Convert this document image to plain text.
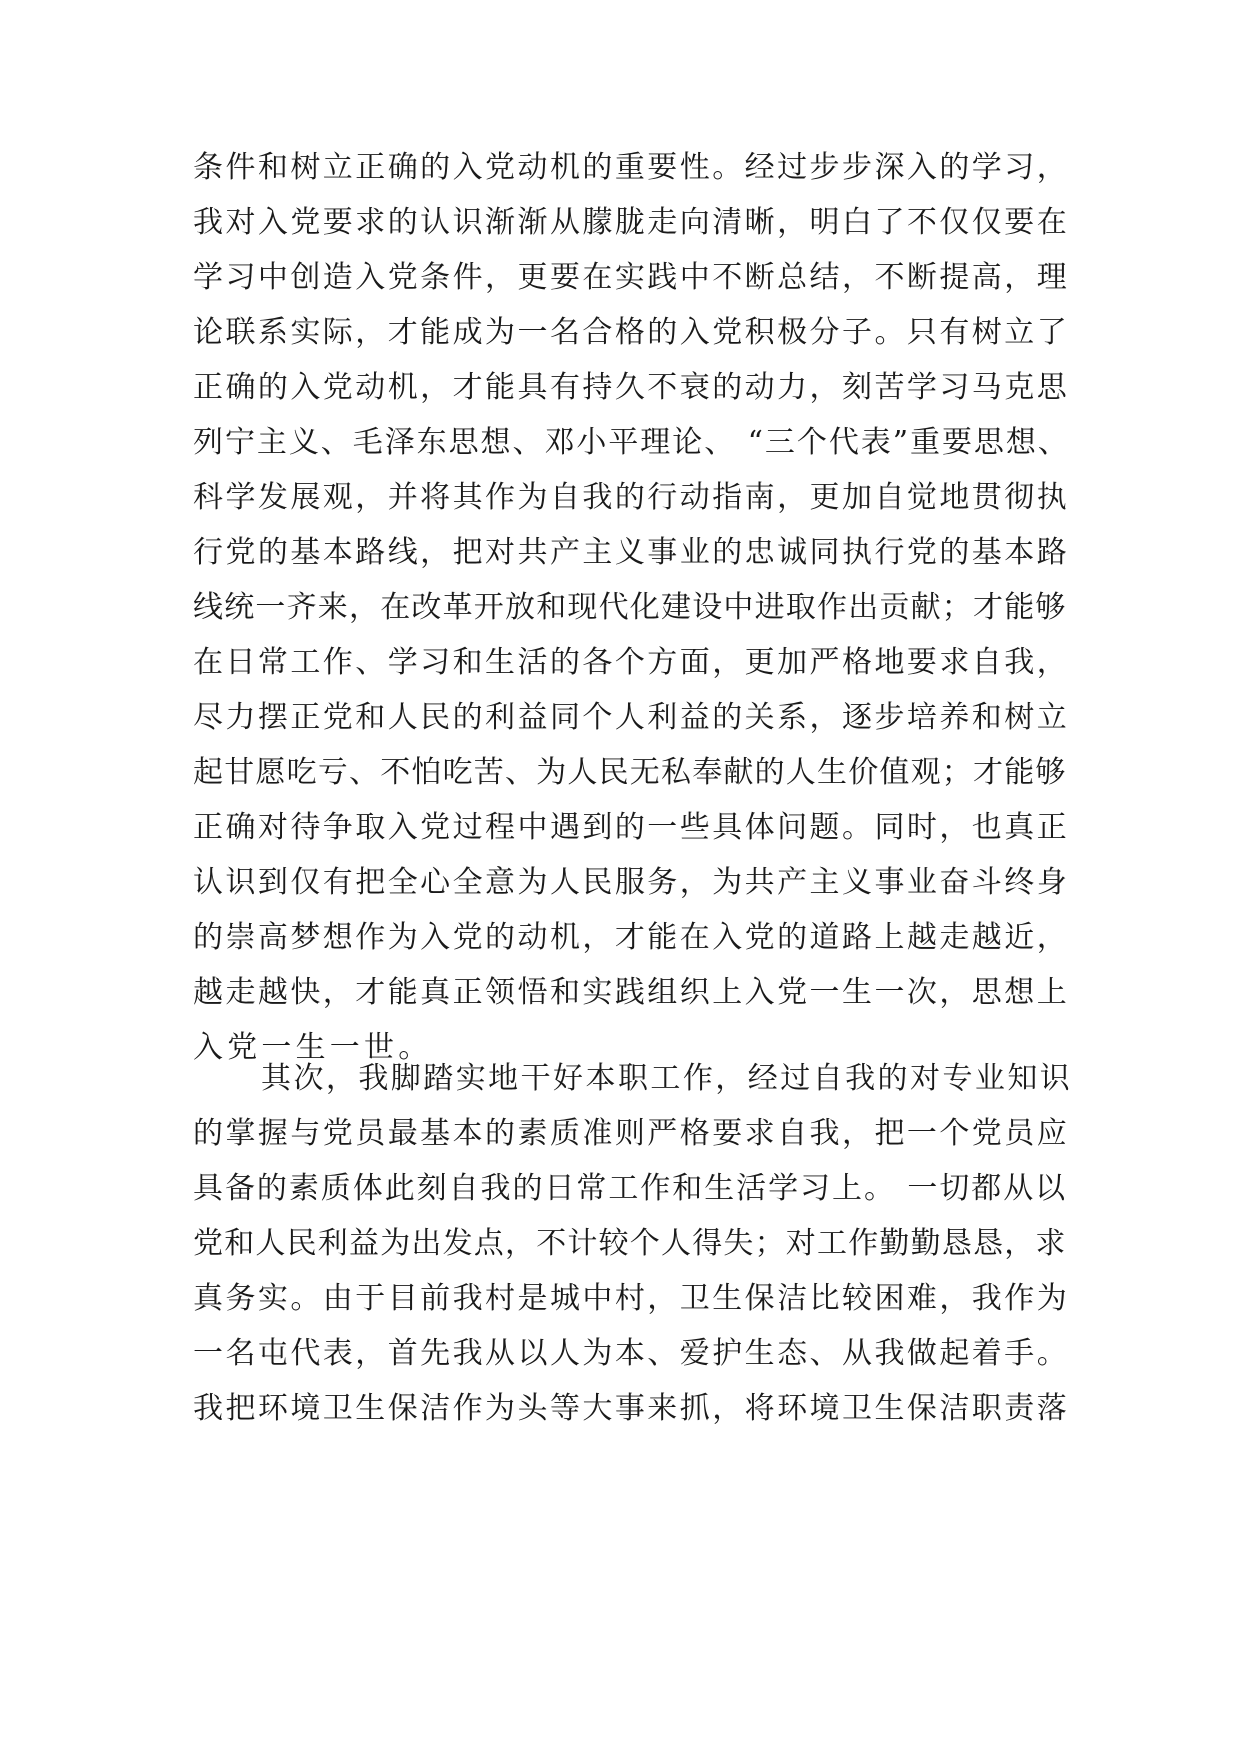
条件和树立正确的入党动机的重要性。经过步步深入的学习，
我对入党要求的认识渐渐从朦胧走向清晰，明白了不仅仅要在
学习中创造入党条件，更要在实践中不断总结，不断提高，理
论联系实际，才能成为一名合格的入党积极分子。只有树立了
正确的入党动机，才能具有持久不衰的动力，刻苦学习马克思
列宁主义、毛泽东思想、邓小平理论、 “三个代表”重要思想、
科学发展观，并将其作为自我的行动指南，更加自觉地贯彻执
行党的基本路线，把对共产主义事业的忠诚同执行党的基本路
线统一齐来，在改革开放和现代化建设中进取作出贡献；才能够
在日常工作、学习和生活的各个方面，更加严格地要求自我，
尽力摆正党和人民的利益同个人利益的关系，逐步培养和树立
起甘愿吃亏、不怕吃苦、为人民无私奉献的人生价值观；才能够
正确对待争取入党过程中遇到的一些具体问题。同时，也真正
认识到仅有把全心全意为人民服务，为共产主义事业奋斗终身
的崇高梦想作为入党的动机，才能在入党的道路上越走越近，
越走越快，才能真正领悟和实践组织上入党一生一次，思想上
入党一生一世。
其次，我脚踏实地干好本职工作，经过自我的对专业知识
的掌握与党员最基本的素质准则严格要求自我，把一个党员应
具备的素质体此刻自我的日常工作和生活学习上。 一切都从以
党和人民利益为出发点，不计较个人得失；对工作勤勤恳恳，求
真务实。由于目前我村是城中村，卫生保洁比较困难，我作为
一名屯代表，首先我从以人为本、爱护生态、从我做起着手。
我把环境卫生保洁作为头等大事来抓，将环境卫生保洁职责落
